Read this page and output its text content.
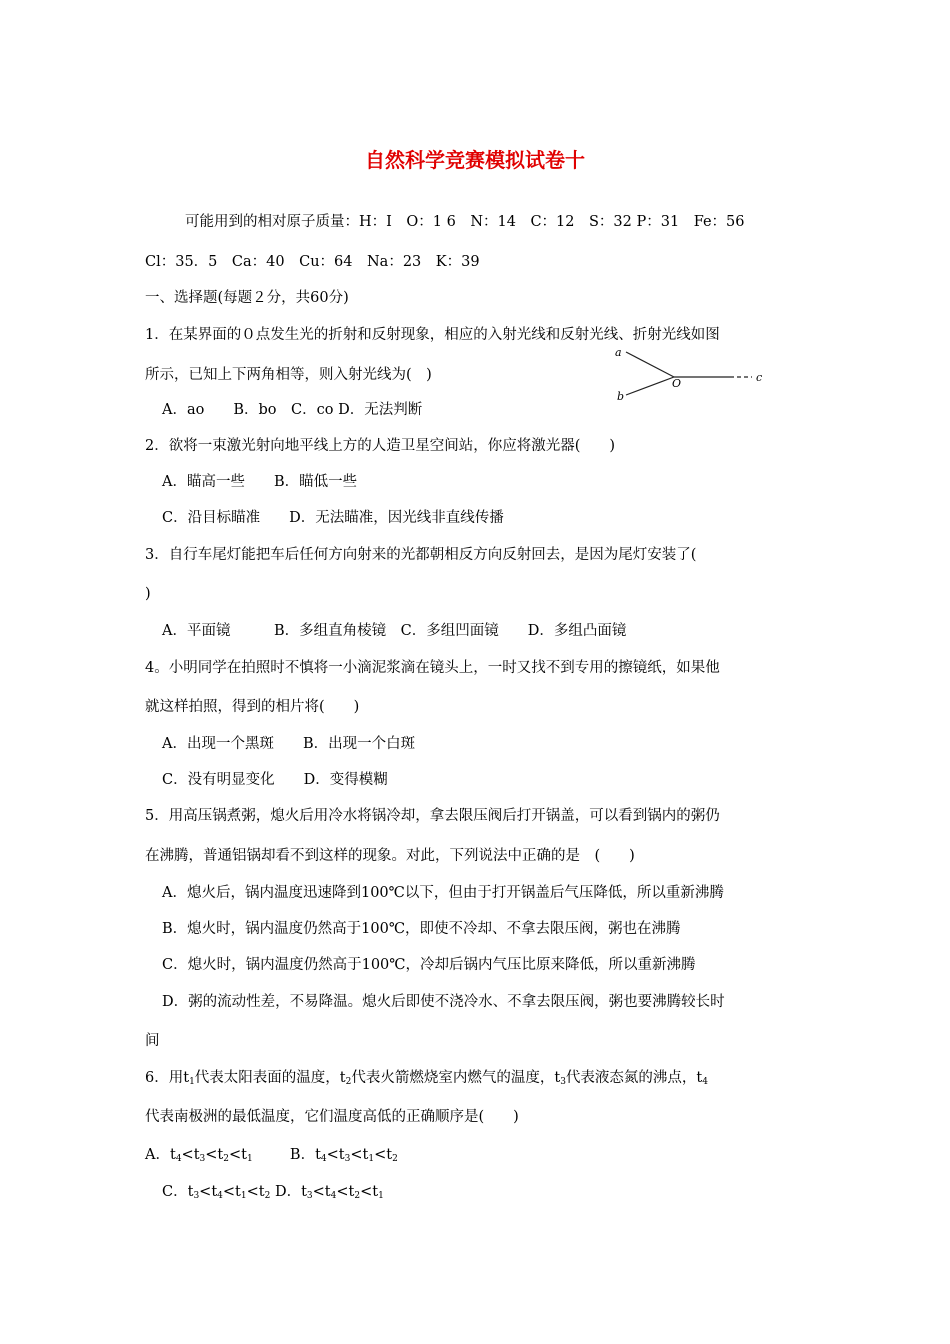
自然科学竞赛模拟试卷十
可能用到的相对原子质量：H：I　O：1 6　N：14　C：12　S：32 P：31　Fe：56
Cl：35．5　Ca：40　Cu：64　Na：23　K：39
一、选择题(每题２分，共60分)
1．在某界面的０点发生光的折射和反射现象，相应的入射光线和反射光线、折射光线如图
所示，已知上下两角相等，则入射光线为(　)
A．ao　　B．bo　C．co D．无法判断
a
b
O	c
2．欲将一束激光射向地平线上方的人造卫星空间站，你应将激光器(　　)
A．瞄高一些　　B．瞄低一些
C．沿目标瞄准　　D．无法瞄准，因光线非直线传播
3．自行车尾灯能把车后任何方向射来的光都朝相反方向反射回去，是因为尾灯安装了(
)
A．平面镜　　　B．多组直角棱镜　C．多组凹面镜　　D．多组凸面镜
4。小明同学在拍照时不慎将一小滴泥浆滴在镜头上，一时又找不到专用的擦镜纸，如果他
就这样拍照，得到的相片将(　　)
A．出现一个黑斑　　B．出现一个白斑
C．没有明显变化　　D．变得模糊
5．用高压锅煮粥，熄火后用冷水将锅冷却，拿去限压阀后打开锅盖，可以看到锅内的粥仍
在沸腾，普通铝锅却看不到这样的现象。对此，下列说法中正确的是　(　　)
A．熄火后，锅内温度迅速降到100℃以下，但由于打开锅盖后气压降低，所以重新沸腾
B．熄火时，锅内温度仍然高于100℃，即使不冷却、不拿去限压阀，粥也在沸腾
C．熄火时，锅内温度仍然高于100℃，冷却后锅内气压比原来降低，所以重新沸腾
D．粥的流动性差，不易降温。熄火后即使不浇冷水、不拿去限压阀，粥也要沸腾较长时
间
6．用$t_1$代表太阳表面的温度，$t_2$代表火箭燃烧室内燃气的温度，$t_3$代表液态氮的沸点，$t_4$
代表南极洲的最低温度，它们温度高低的正确顺序是(　　)
A．$t_4<t_3<t_2<t_1$	B．$t_4<t_3<t_1<t_2$
C．$t_3<t_4<t_1<t_2$ D．$t_3<t_4<t_2<t_1$
